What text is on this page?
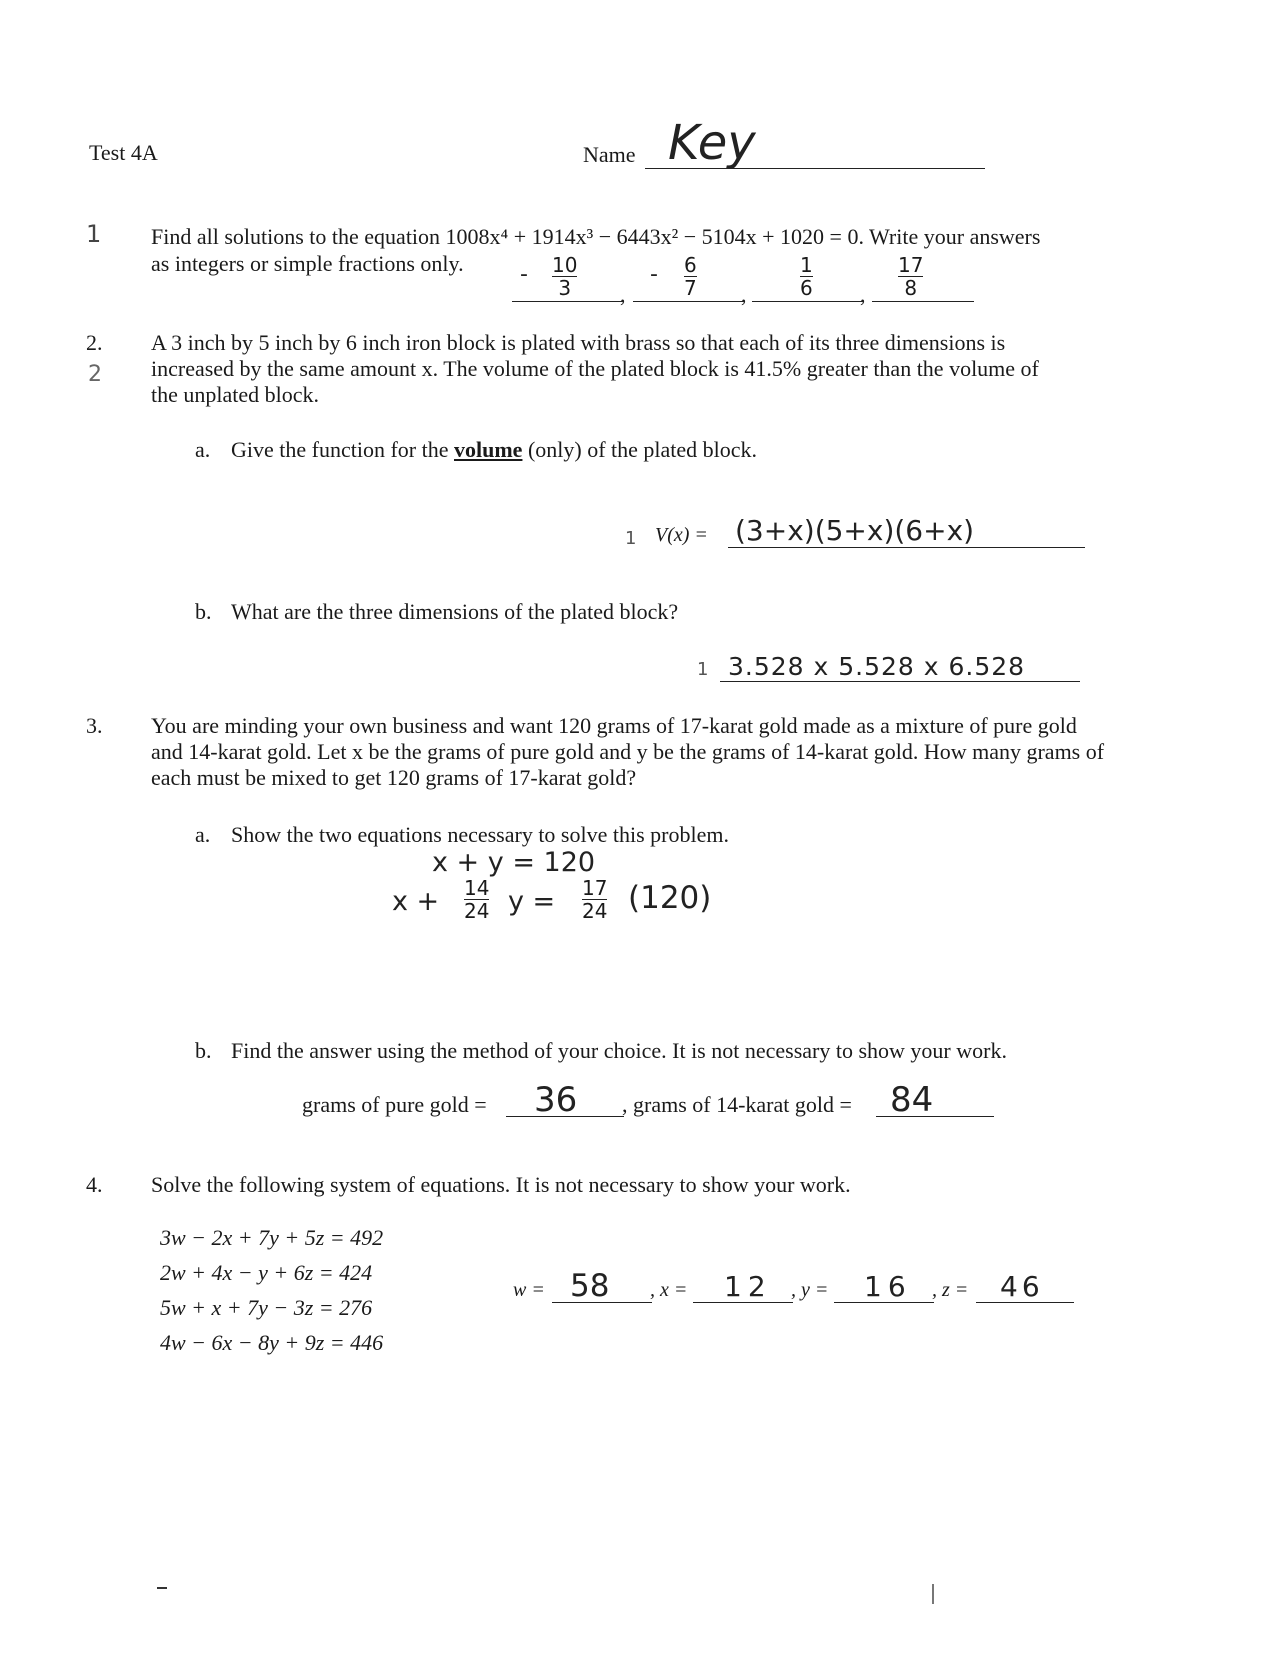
Test 4A	Name Key
1 Find all solutions to the equation 1008x⁴ + 1914x³ − 6443x² − 5104x + 1020 = 0. Write your answers
as integers or simple fractions only.
,	,	,
- 10
3
- 6
7
1
6
17
8
2.
2
A 3 inch by 5 inch by 6 inch iron block is plated with brass so that each of its three dimensions is
increased by the same amount x. The volume of the plated block is 41.5% greater than the volume of
the unplated block.
a. Give the function for the volume (only) of the plated block.
1 V(x) = (3+x)(5+x)(6+x)
b. What are the three dimensions of the plated block?
1 3.528 x 5.528 x 6.528
3. You are minding your own business and want 120 grams of 17-karat gold made as a mixture of pure gold
and 14-karat gold. Let x be the grams of pure gold and y be the grams of 14-karat gold. How many grams of
each must be mixed to get 120 grams of 17-karat gold?
a. Show the two equations necessary to solve this problem.
x + y = 120
x + 14
24 y = 17
24 (120)
b. Find the answer using the method of your choice. It is not necessary to show your work.
grams of pure gold = 36 , grams of 14-karat gold = 84
4. Solve the following system of equations. It is not necessary to show your work.
3w − 2x + 7y + 5z = 492
2w + 4x − y + 6z = 424
5w + x + 7y − 3z = 276
4w − 6x − 8y + 9z = 446
w = 58 , x = 12 , y = 16 , z = 46
